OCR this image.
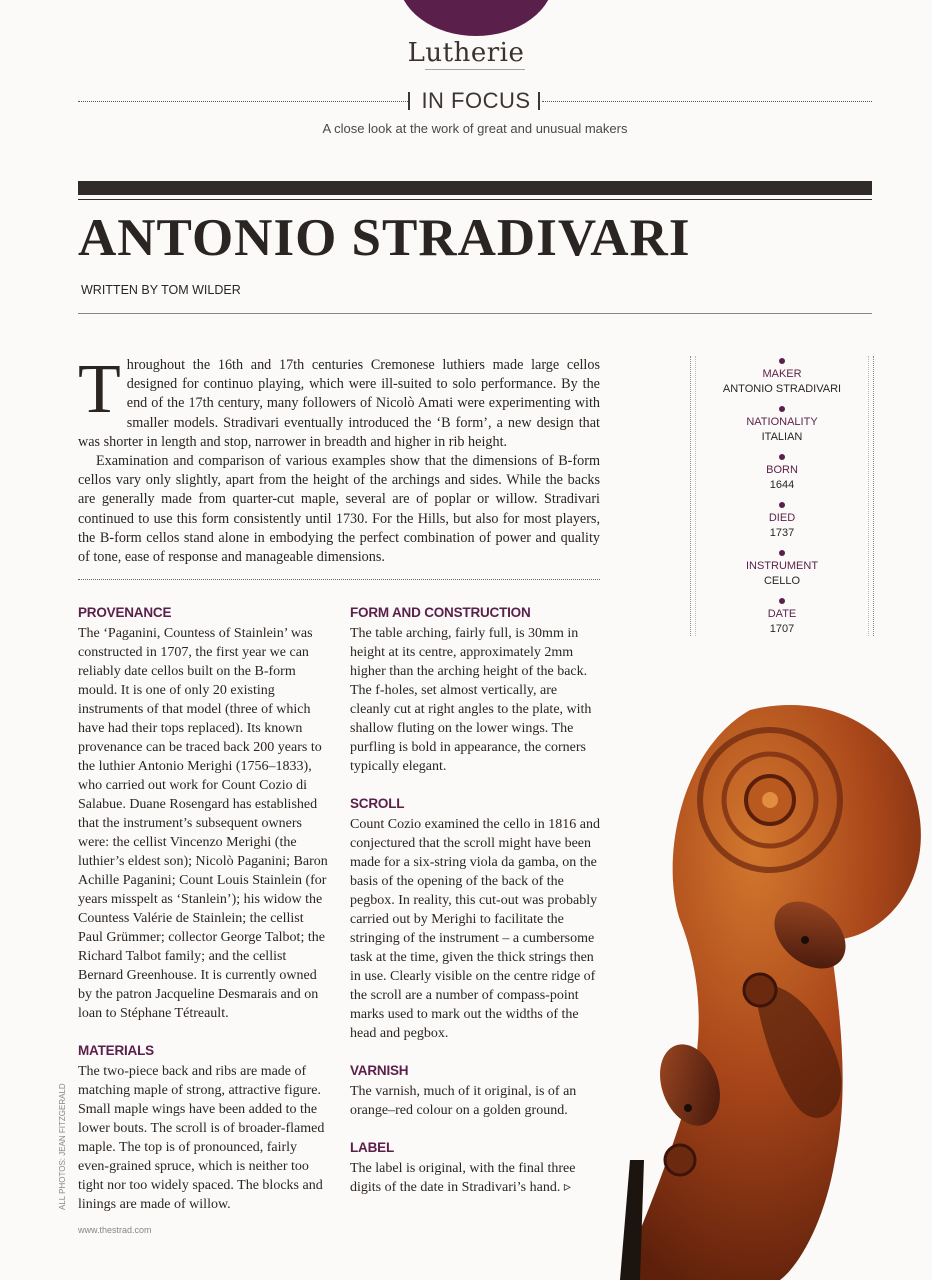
Lutherie
IN FOCUS
A close look at the work of great and unusual makers
ANTONIO STRADIVARI
WRITTEN BY TOM WILDER

Throughout the 16th and 17th centuries Cremonese luthiers made large cellos designed for continuo playing, which were ill-suited to solo performance. By the end of the 17th century, many followers of Nicolò Amati were experimenting with smaller models. Stradivari eventually introduced the ‘B form’, a new design that was shorter in length and stop, narrower in breadth and higher in rib height.

Examination and comparison of various examples show that the dimensions of B-form cellos vary only slightly, apart from the height of the archings and sides. While the backs are generally made from quarter-cut maple, several are of poplar or willow. Stradivari continued to use this form consistently until 1730. For the Hills, but also for most players, the B-form cellos stand alone in embodying the perfect combination of power and quality of tone, ease of response and manageable dimensions.

MAKER
ANTONIO STRADIVARI
NATIONALITY
ITALIAN
BORN
1644
DIED
1737
INSTRUMENT
CELLO
DATE
1707
PROVENANCE

The ‘Paganini, Countess of Stainlein’ was constructed in 1707, the first year we can reliably date cellos built on the B-form mould. It is one of only 20 existing instruments of that model (three of which have had their tops replaced). Its known provenance can be traced back 200 years to the luthier Antonio Merighi (1756–1833), who carried out work for Count Cozio di Salabue. Duane Rosengard has established that the instrument’s subsequent owners were: the cellist Vincenzo Merighi (the luthier’s eldest son); Nicolò Paganini; Baron Achille Paganini; Count Louis Stainlein (for years misspelt as ‘Stanlein’); his widow the Countess Valérie de Stainlein; the cellist Paul Grümmer; collector George Talbot; the Richard Talbot family; and the cellist Bernard Greenhouse. It is currently owned by the patron Jacqueline Desmarais and on loan to Stéphane Tétreault.

MATERIALS

The two-piece back and ribs are made of matching maple of strong, attractive figure. Small maple wings have been added to the lower bouts. The scroll is of broader-flamed maple. The top is of pronounced, fairly even-grained spruce, which is neither too tight nor too widely spaced. The blocks and linings are made of willow.

FORM AND CONSTRUCTION

The table arching, fairly full, is 30mm in height at its centre, approximately 2mm higher than the arching height of the back. The f-holes, set almost vertically, are cleanly cut at right angles to the plate, with shallow fluting on the lower wings. The purfling is bold in appearance, the corners typically elegant.

SCROLL

Count Cozio examined the cello in 1816 and conjectured that the scroll might have been made for a six-string viola da gamba, on the basis of the opening of the back of the pegbox. In reality, this cut-out was probably carried out by Merighi to facilitate the stringing of the instrument – a cumbersome task at the time, given the thick strings then in use. Clearly visible on the centre ridge of the scroll are a number of compass-point marks used to mark out the widths of the head and pegbox.

VARNISH

The varnish, much of it original, is of an orange–red colour on a golden ground.

LABEL

The label is original, with the final three digits of the date in Stradivari’s hand. ▹

ALL PHOTOS: JEAN FITZGERALD
www.thestrad.com
